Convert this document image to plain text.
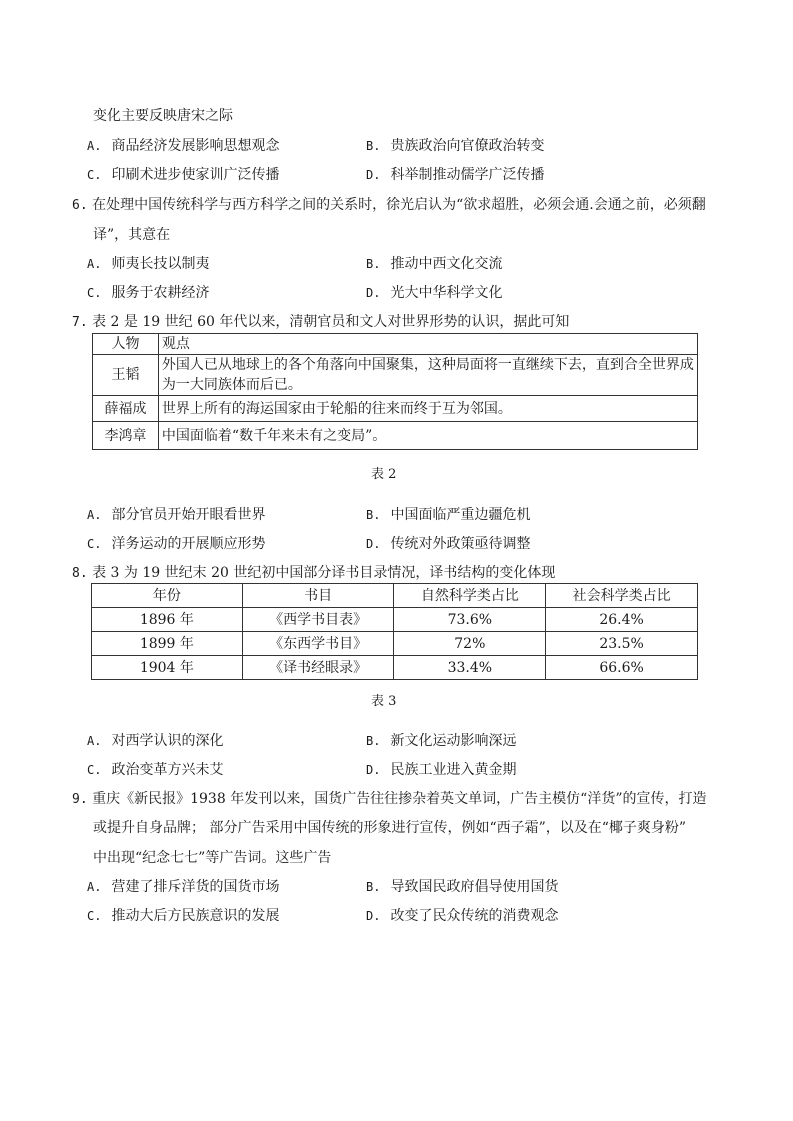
变化主要反映唐宋之际
A. 商品经济发展影响思想观念	B. 贵族政治向官僚政治转变
C. 印刷术进步使家训广泛传播	D. 科举制推动儒学广泛传播
6. 在处理中国传统科学与西方科学之间的关系时，徐光启认为“欲求超胜，必须会通.会通之前，必须翻
译”，其意在
A. 师夷长技以制夷	B. 推动中西文化交流
C. 服务于农耕经济	D. 光大中华科学文化
7. 表 2 是 19 世纪 60 年代以来，清朝官员和文人对世界形势的认识，据此可知
人物	观点
王韬	外国人已从地球上的各个角落向中国聚集，这种局面将一直继续下去，直到合全世界成
为一大同族体而后已。

薛福成	世界上所有的海运国家由于轮船的往来而终于互为邻国。
李鸿章	中国面临着“数千年来未有之变局”。
表 2
A. 部分官员开始开眼看世界	B. 中国面临严重边疆危机
C. 洋务运动的开展顺应形势	D. 传统对外政策亟待调整
8. 表 3 为 19 世纪末 20 世纪初中国部分译书目录情况，译书结构的变化体现
年份	书目	自然科学类占比	社会科学类占比
1896 年	《西学书目表》	73.6%	26.4%
1899 年	《东西学书目》	72%	23.5%
1904 年	《译书经眼录》	33.4%	66.6%
表 3
A. 对西学认识的深化	B. 新文化运动影响深远
C. 政治变革方兴未艾	D. 民族工业进入黄金期
9. 重庆《新民报》1938 年发刊以来，国货广告往往掺杂着英文单词，广告主模仿“洋货”的宣传，打造
或提升自身品牌； 部分广告采用中国传统的形象进行宣传，例如“西子霜”，以及在“椰子爽身粉”
中出现“纪念七七”等广告词。这些广告
A. 营建了排斥洋货的国货市场	B. 导致国民政府倡导使用国货
C. 推动大后方民族意识的发展	D. 改变了民众传统的消费观念
